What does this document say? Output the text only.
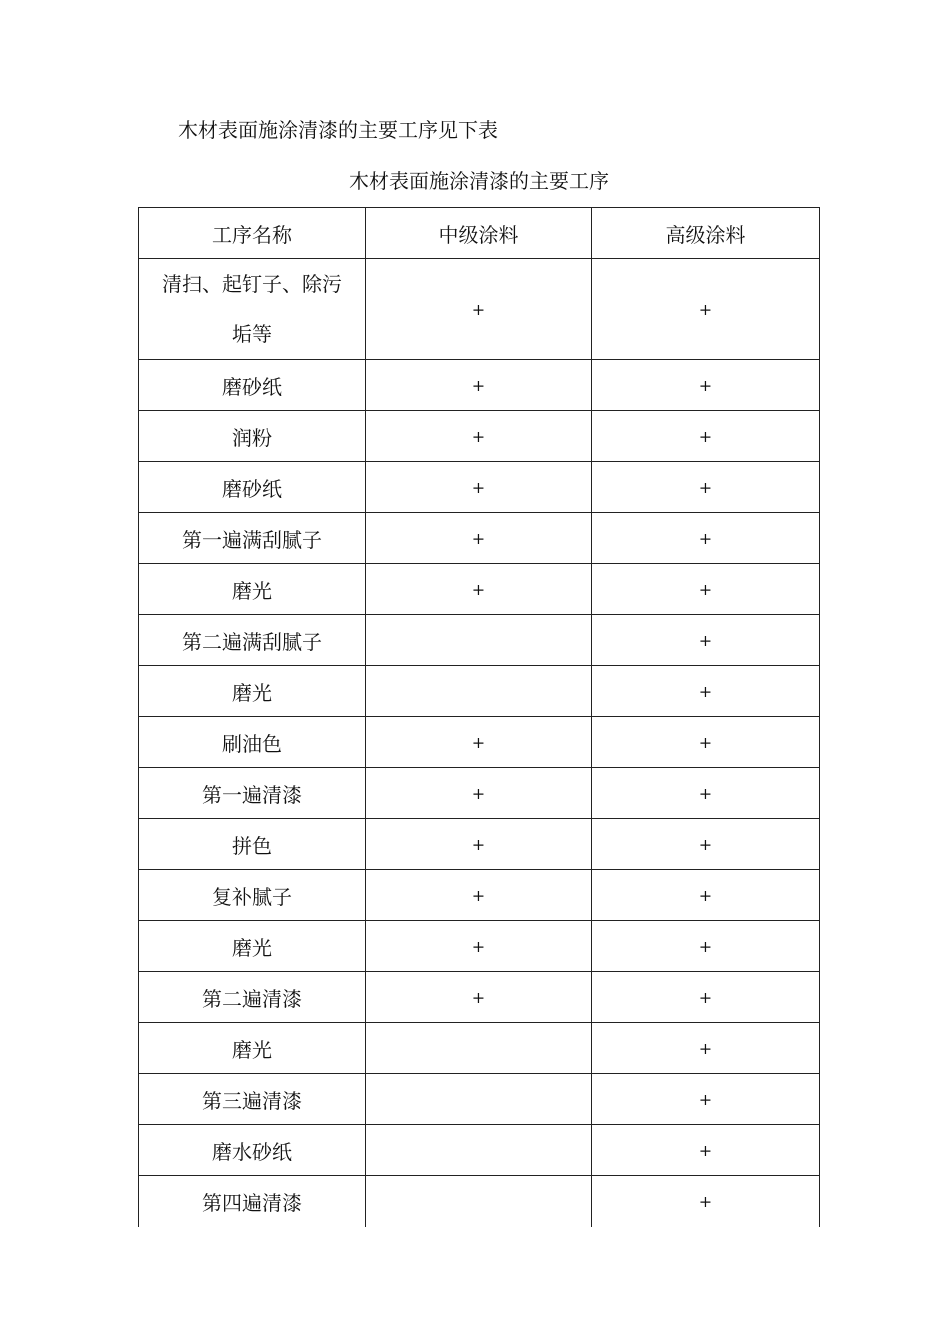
木材表面施涂清漆的主要工序见下表
木材表面施涂清漆的主要工序
工序名称	中级涂料	高级涂料
清扫、起钉子、除污
垢等	+	+
磨砂纸	+	+
润粉	+	+
磨砂纸	+	+
第一遍满刮腻子	+	+
磨光	+	+
第二遍满刮腻子		+
磨光		+
刷油色	+	+
第一遍清漆	+	+
拼色	+	+
复补腻子	+	+
磨光	+	+
第二遍清漆	+	+
磨光		+
第三遍清漆		+
磨水砂纸		+
第四遍清漆		+
